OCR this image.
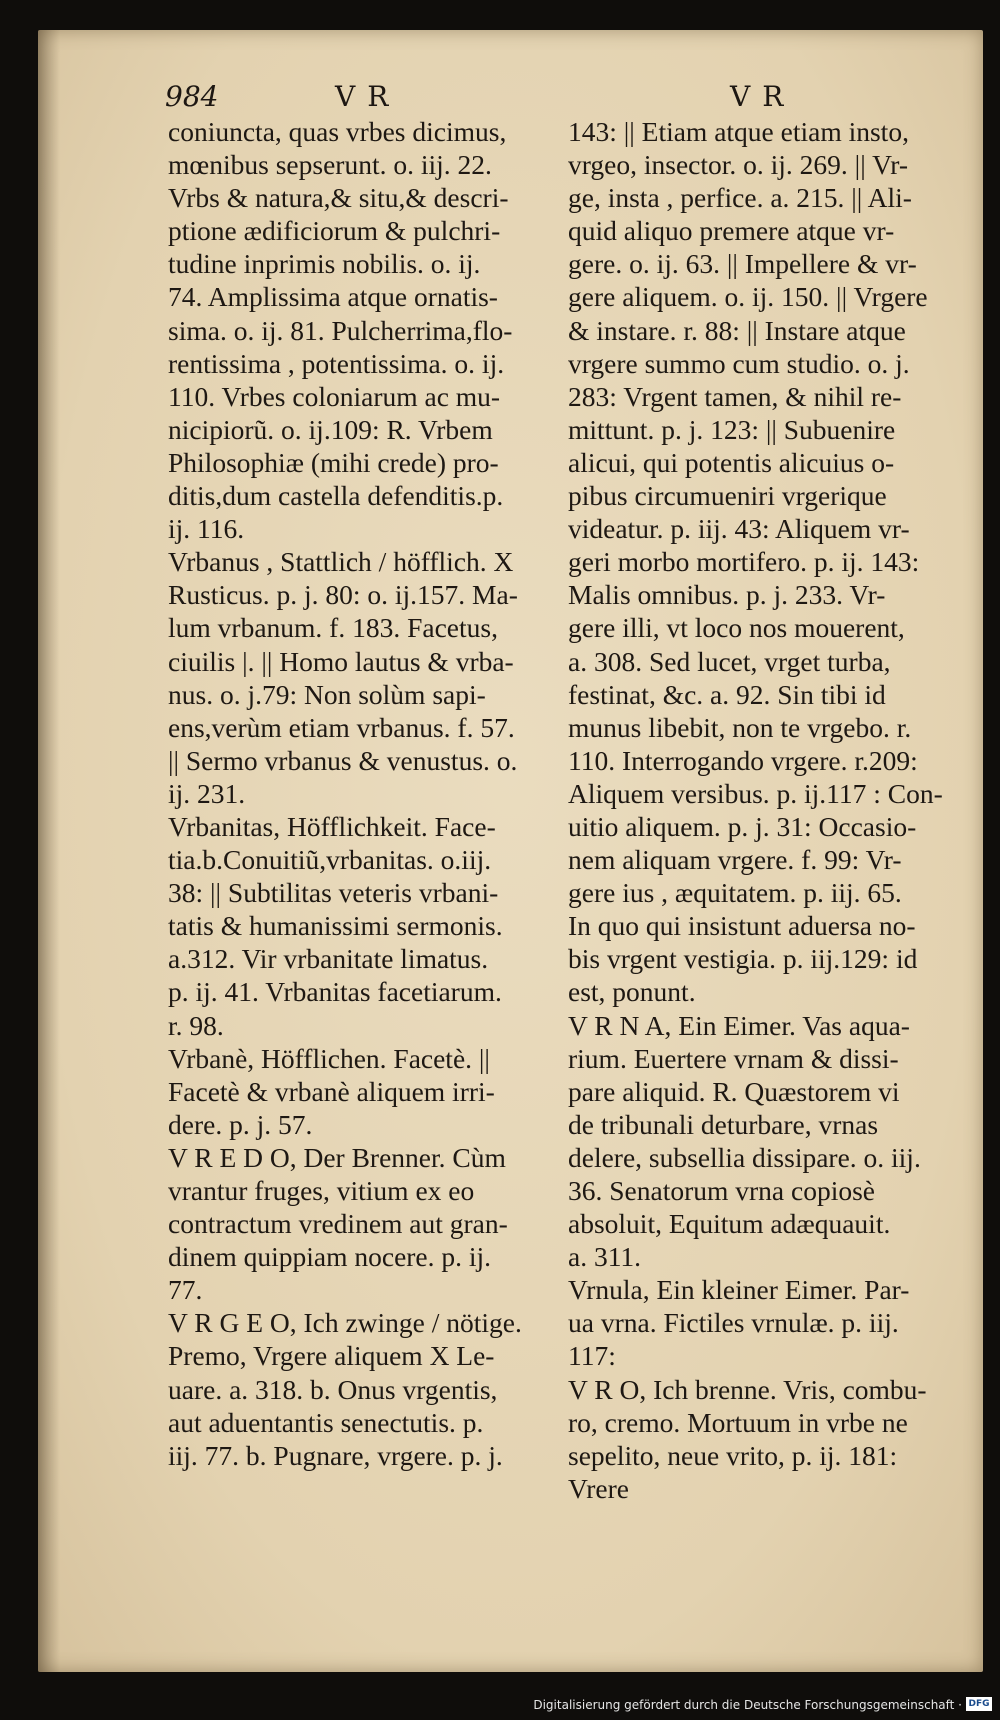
984	VR	VR
coniuncta, quas vrbes dicimus,
mœnibus sepserunt. o. iij. 22.
Vrbs & natura,& situ,& descri-
ptione ædificiorum & pulchri-
tudine inprimis nobilis. o. ij.
74. Amplissima atque ornatis-
sima. o. ij. 81. Pulcherrima,flo-
rentissima , potentissima. o. ij.
110. Vrbes coloniarum ac mu-
nicipiorũ. o. ij.109: R. Vrbem
Philosophiæ (mihi crede) pro-
ditis,dum castella defenditis.p.
ij. 116.
Vrbanus , Stattlich / höfflich. X
Rusticus. p. j. 80: o. ij.157. Ma-
lum vrbanum. f. 183. Facetus,
ciuilis |. || Homo lautus & vrba-
nus. o. j.79: Non solùm sapi-
ens,verùm etiam vrbanus. f. 57.
|| Sermo vrbanus & venustus. o.
ij. 231.
Vrbanitas, Höfflichkeit. Face-
tia.b.Conuitiũ,vrbanitas. o.iij.
38: || Subtilitas veteris vrbani-
tatis & humanissimi sermonis.
a.312. Vir vrbanitate limatus.
p. ij. 41. Vrbanitas facetiarum.
r. 98.
Vrbanè, Höfflichen. Facetè. ||
Facetè & vrbanè aliquem irri-
dere. p. j. 57.
V R E D O, Der Brenner. Cùm
vrantur fruges, vitium ex eo
contractum vredinem aut gran-
dinem quippiam nocere. p. ij.
77.
V R G E O, Ich zwinge / nötige.
Premo, Vrgere aliquem X Le-
uare. a. 318. b. Onus vrgentis,
aut aduentantis senectutis. p.
iij. 77. b. Pugnare, vrgere. p. j.
143: || Etiam atque etiam insto,
vrgeo, insector. o. ij. 269. || Vr-
ge, insta , perfice. a. 215. || Ali-
quid aliquo premere atque vr-
gere. o. ij. 63. || Impellere & vr-
gere aliquem. o. ij. 150. || Vrgere
& instare. r. 88: || Instare atque
vrgere summo cum studio. o. j.
283: Vrgent tamen, & nihil re-
mittunt. p. j. 123: || Subuenire
alicui, qui potentis alicuius o-
pibus circumueniri vrgerique
videatur. p. iij. 43: Aliquem vr-
geri morbo mortifero. p. ij. 143:
Malis omnibus. p. j. 233. Vr-
gere illi, vt loco nos mouerent,
a. 308. Sed lucet, vrget turba,
festinat, &c. a. 92. Sin tibi id
munus libebit, non te vrgebo. r.
110. Interrogando vrgere. r.209:
Aliquem versibus. p. ij.117 : Con-
uitio aliquem. p. j. 31: Occasio-
nem aliquam vrgere. f. 99: Vr-
gere ius , æquitatem. p. iij. 65.
In quo qui insistunt aduersa no-
bis vrgent vestigia. p. iij.129: id
est, ponunt.
V R N A, Ein Eimer. Vas aqua-
rium. Euertere vrnam & dissi-
pare aliquid. R. Quæstorem vi
de tribunali deturbare, vrnas
delere, subsellia dissipare. o. iij.
36. Senatorum vrna copiosè
absoluit, Equitum adæquauit.
a. 311.
Vrnula, Ein kleiner Eimer. Par-
ua vrna. Fictiles vrnulæ. p. iij.
117:
V R O, Ich brenne. Vris, combu-
ro, cremo. Mortuum in vrbe ne
sepelito, neue vrito, p. ij. 181:
Vrere
Digitalisierung gefördert durch die Deutsche Forschungsgemeinschaft · DFG
